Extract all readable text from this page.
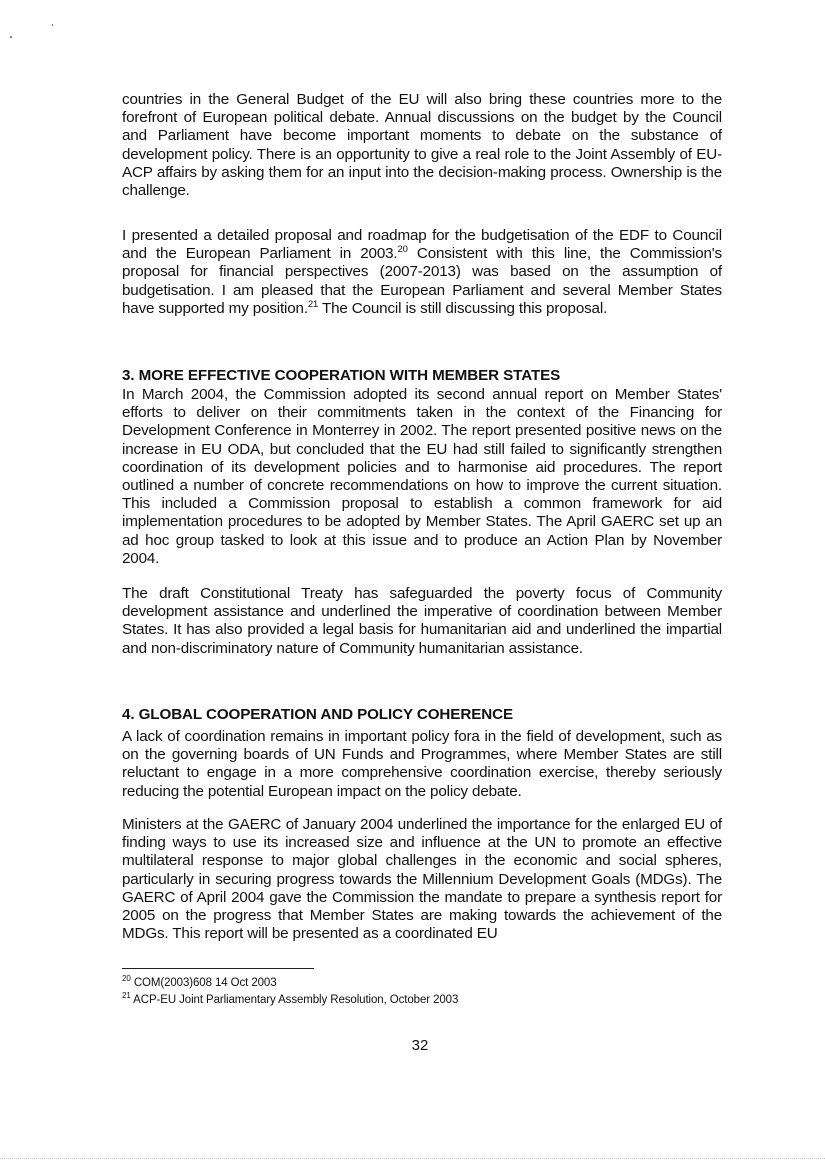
countries in the General Budget of the EU will also bring these countries more to the forefront of European political debate. Annual discussions on the budget by the Council and Parliament have become important moments to debate on the substance of development policy. There is an opportunity to give a real role to the Joint Assembly of EU-ACP affairs by asking them for an input into the decision-making process. Ownership is the challenge.

I presented a detailed proposal and roadmap for the budgetisation of the EDF to Council and the European Parliament in 2003.20 Consistent with this line, the Commission's proposal for financial perspectives (2007-2013) was based on the assumption of budgetisation. I am pleased that the European Parliament and several Member States have supported my position.$^{21}$ The Council is still discussing this proposal.

3. MORE EFFECTIVE COOPERATION WITH MEMBER STATES

In March 2004, the Commission adopted its second annual report on Member States' efforts to deliver on their commitments taken in the context of the Financing for Development Conference in Monterrey in 2002. The report presented positive news on the increase in EU ODA, but concluded that the EU had still failed to significantly strengthen coordination of its development policies and to harmonise aid procedures. The report outlined a number of concrete recommendations on how to improve the current situation. This included a Commission proposal to establish a common framework for aid implementation procedures to be adopted by Member States. The April GAERC set up an ad hoc group tasked to look at this issue and to produce an Action Plan by November 2004.

The draft Constitutional Treaty has safeguarded the poverty focus of Community development assistance and underlined the imperative of coordination between Member States. It has also provided a legal basis for humanitarian aid and underlined the impartial and non-discriminatory nature of Community humanitarian assistance.

4. GLOBAL COOPERATION AND POLICY COHERENCE

A lack of coordination remains in important policy fora in the field of development, such as on the governing boards of UN Funds and Programmes, where Member States are still reluctant to engage in a more comprehensive coordination exercise, thereby seriously reducing the potential European impact on the policy debate.

Ministers at the GAERC of January 2004 underlined the importance for the enlarged EU of finding ways to use its increased size and influence at the UN to promote an effective multilateral response to major global challenges in the economic and social spheres, particularly in securing progress towards the Millennium Development Goals (MDGs). The GAERC of April 2004 gave the Commission the mandate to prepare a synthesis report for 2005 on the progress that Member States are making towards the achievement of the MDGs. This report will be presented as a coordinated EU

$^{20}$ COM(2003)608 14 Oct 2003
$^{21}$ ACP-EU Joint Parliamentary Assembly Resolution, October 2003
32
